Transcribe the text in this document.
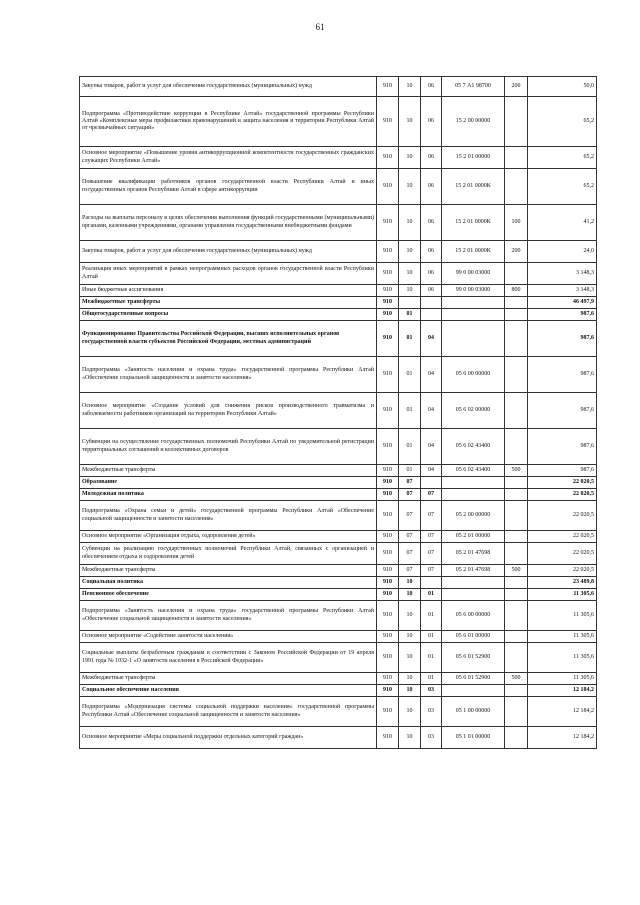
61
Закупка товаров, работ и услуг для обеспечения государственных (муниципальных) нужд	910	10	06	05 7 А1 98700	200	50,0
Подпрограмма «Противодействие коррупции в Республике Алтай» государственной программы Республики Алтай «Комплексные меры профилактики правонарушений и защита населения и территории Республики Алтай от чрезвычайных ситуаций»	910	10	06	15 2 00 00000		65,2
Основное мероприятие «Повышение уровня антикоррупционной компетентности государственных гражданских служащих Республики Алтай»	910	10	06	15 2 01 00000		65,2
Повышение квалификации работников органов государственной власти Республики Алтай и иных государственных органов Республики Алтай в сфере антикоррупции	910	10	06	15 2 01 0000К		65,2
Расходы на выплаты персоналу в целях обеспечения выполнения функций государственными (муниципальными) органами, казенными учреждениями, органами управления государственными внебюджетными фондами	910	10	06	15 2 01 0000К	100	41,2
Закупка товаров, работ и услуг для обеспечения государственных (муниципальных) нужд	910	10	06	15 2 01 0000К	200	24,0
Реализация иных мероприятий в рамках непрограммных расходов органов государственной власти Республики Алтай	910	10	06	99 0 00 03000		3 148,3
Иные бюджетные ассигнования	910	10	06	99 0 00 03000	800	3 148,3
Межбюджетные трансферты	910					46 497,9
Общегосударственные вопросы	910	01				987,6
Функционирование Правительства Российской Федерации, высших исполнительных органов государственной власти субъектов Российской Федерации, местных администраций	910	01	04			987,6
Подпрограмма «Занятость населения и охрана труда» государственной программы Республики Алтай «Обеспечение социальной защищенности и занятости населения»	910	01	04	05 6 00 00000		987,6
Основное мероприятие «Создание условий для снижения рисков производственного травматизма и заболеваемости работников организаций на территории Республики Алтай»	910	01	04	05 6 02 00000		987,6
Субвенции на осуществление государственных полномочий Республики Алтай по уведомительной регистрации территориальных соглашений и коллективных договоров	910	01	04	05 6 02 43400		987,6
Межбюджетные трансферты	910	01	04	05 6 02 43400	500	987,6
Образование	910	07				22 020,5
Молодежная политика	910	07	07			22 020,5
Подпрограмма «Охрана семьи и детей» государственной программы Республики Алтай «Обеспечение социальной защищенности и занятости населения»	910	07	07	05 2 00 00000		22 020,5
Основное мероприятие «Организация отдыха, оздоровления детей»	910	07	07	05 2 01 00000		22 020,5
Субвенции на реализацию государственных полномочий Республики Алтай, связанных с организацией и обеспечением отдыха и оздоровления детей	910	07	07	05 2 01 47698		22 020,5
Межбюджетные трансферты	910	07	07	05 2 01 47698	500	22 020,5
Социальная политика	910	10				23 489,8
Пенсионное обеспечение	910	10	01			11 305,6
Подпрограмма «Занятость населения и охрана труда» государственной программы Республики Алтай «Обеспечение социальной защищенности и занятости населения»	910	10	01	05 6 00 00000		11 305,6
Основное мероприятие «Содействие занятости населения»	910	10	01	05 6 01 00000		11 305,6
Социальные выплаты безработным гражданам в соответствии с Законом Российской Федерации от 19 апреля 1991 года № 1032-1 «О занятости населения в Российской Федерации»	910	10	01	05 6 01 52900		11 305,6
Межбюджетные трансферты	910	10	01	05 6 01 52900	500	11 305,6
Социальное обеспечение населения	910	10	03			12 184,2
Подпрограмма «Модернизация системы социальной поддержки населения» государственной программы Республики Алтай «Обеспечение социальной защищенности и занятости населения»	910	10	03	05 1 00 00000		12 184,2
Основное мероприятие «Меры социальной поддержки отдельных категорий граждан»	910	10	03	05 1 01 00000		12 184,2
